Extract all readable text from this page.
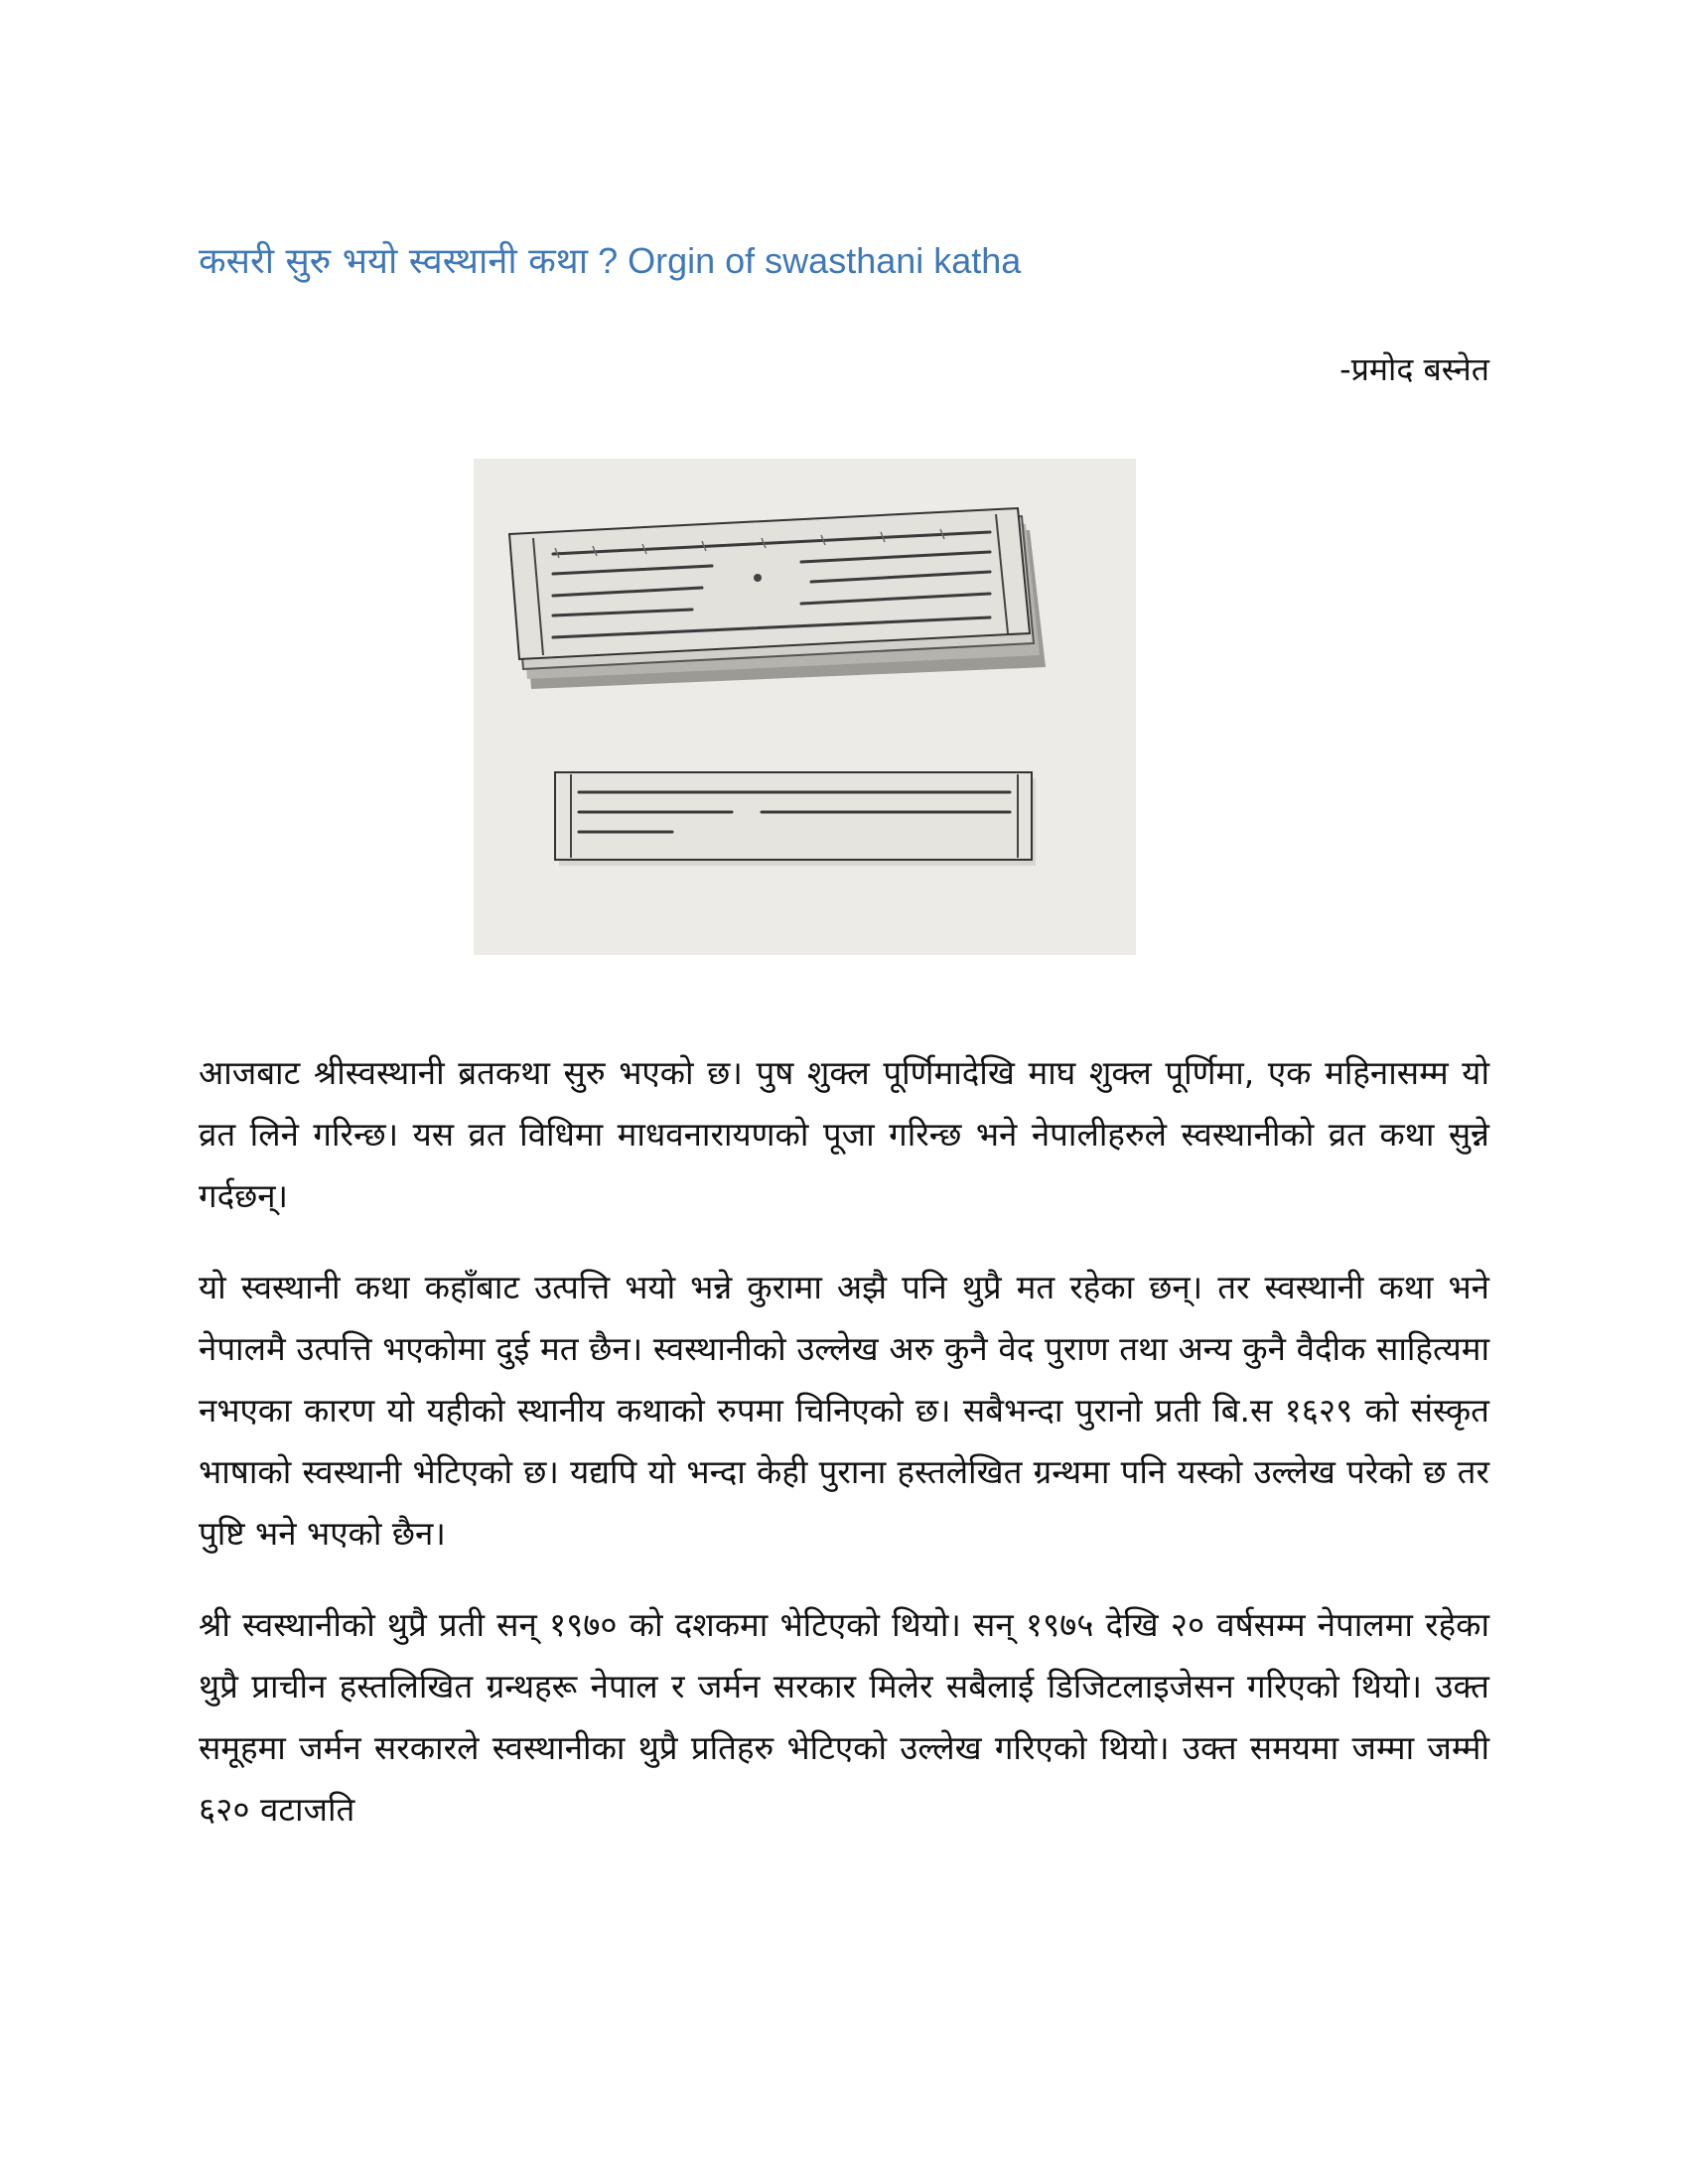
कसरी सुरु भयो स्वस्थानी कथा ? Orgin of swasthani katha
-प्रमोद बस्नेत

आजबाट श्रीस्वस्थानी ब्रतकथा सुरु भएको छ। पुष शुक्ल पूर्णिमादेखि माघ शुक्ल पूर्णिमा, एक महिनासम्म यो व्रत लिने गरिन्छ। यस व्रत विधिमा माधवनारायणको पूजा गरिन्छ भने नेपालीहरुले स्वस्थानीको व्रत कथा सुन्ने गर्दछन्।

यो स्वस्थानी कथा कहाँबाट उत्पत्ति भयो भन्ने कुरामा अझै पनि थुप्रै मत रहेका छन्। तर स्वस्थानी कथा भने नेपालमै उत्पत्ति भएकोमा दुई मत छैन। स्वस्थानीको उल्लेख अरु कुनै वेद पुराण तथा अन्य कुनै वैदीक साहित्यमा नभएका कारण यो यहीको स्थानीय कथाको रुपमा चिनिएको छ। सबैभन्दा पुरानो प्रती बि.स १६२९ को संस्कृत भाषाको स्वस्थानी भेटिएको छ। यद्यपि यो भन्दा केही पुराना हस्तलेखित ग्रन्थमा पनि यस्को उल्लेख परेको छ तर पुष्टि भने भएको छैन।

श्री स्वस्थानीको थुप्रै प्रती सन् १९७० को दशकमा भेटिएको थियो। सन् १९७५ देखि २० वर्षसम्म नेपालमा रहेका थुप्रै प्राचीन हस्तलिखित ग्रन्थहरू नेपाल र जर्मन सरकार मिलेर सबैलाई डिजिटलाइजेसन गरिएको थियो। उक्त समूहमा जर्मन सरकारले स्वस्थानीका थुप्रै प्रतिहरु भेटिएको उल्लेख गरिएको थियो। उक्त समयमा जम्मा जम्मी ६२० वटाजति
